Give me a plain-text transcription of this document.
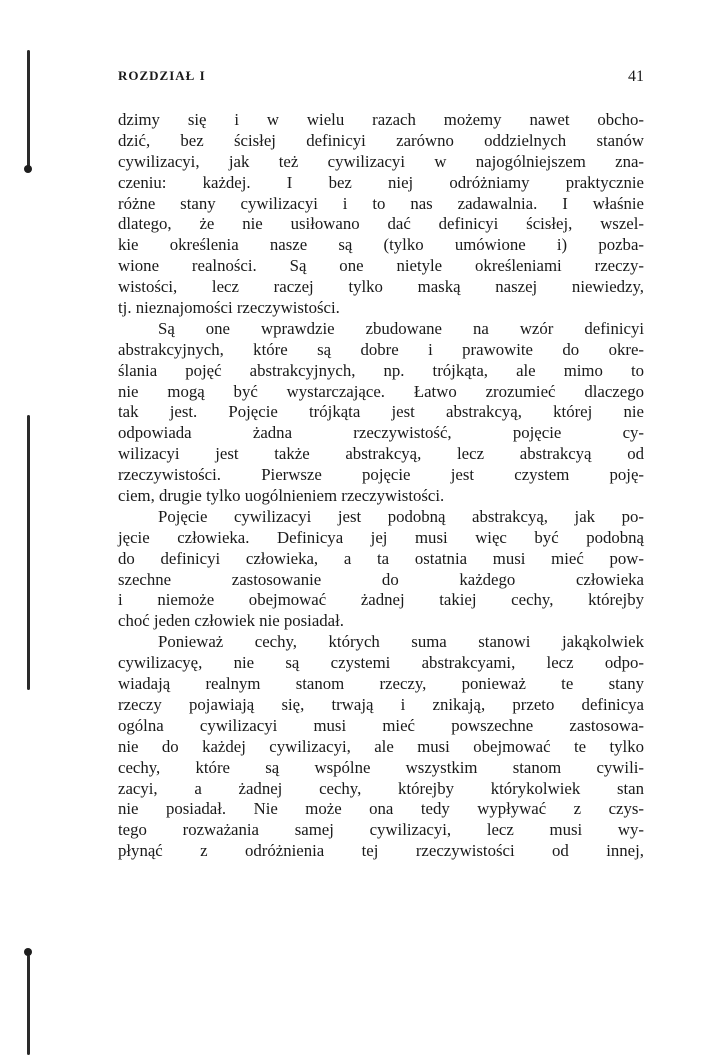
ROZDZIAŁ I	41
dzimy się i w wielu razach możemy nawet obcho-
dzić, bez ścisłej definicyi zarówno oddzielnych stanów
cywilizacyi, jak też cywilizacyi w najogólniejszem zna-
czeniu: każdej. I bez niej odróżniamy praktycznie
różne stany cywilizacyi i to nas zadawalnia. I właśnie
dlatego, że nie usiłowano dać definicyi ścisłej, wszel-
kie określenia nasze są (tylko umówione i) pozba-
wione realności. Są one nietyle określeniami rzeczy-
wistości, lecz raczej tylko maską naszej niewiedzy,
tj. nieznajomości rzeczywistości.
Są one wprawdzie zbudowane na wzór definicyi
abstrakcyjnych, które są dobre i prawowite do okre-
ślania pojęć abstrakcyjnych, np. trójkąta, ale mimo to
nie mogą być wystarczające. Łatwo zrozumieć dlaczego
tak jest. Pojęcie trójkąta jest abstrakcyą, której nie
odpowiada żadna rzeczywistość, pojęcie cy-
wilizacyi jest także abstrakcyą, lecz abstrakcyą od
rzeczywistości. Pierwsze pojęcie jest czystem poję-
ciem, drugie tylko uogólnieniem rzeczywistości.
Pojęcie cywilizacyi jest podobną abstrakcyą, jak po-
jęcie człowieka. Definicya jej musi więc być podobną
do definicyi człowieka, a ta ostatnia musi mieć pow-
szechne zastosowanie do każdego człowieka
i niemoże obejmować żadnej takiej cechy, którejby
choć jeden człowiek nie posiadał.
Ponieważ cechy, których suma stanowi jakąkolwiek
cywilizacyę, nie są czystemi abstrakcyami, lecz odpo-
wiadają realnym stanom rzeczy, ponieważ te stany
rzeczy pojawiają się, trwają i znikają, przeto definicya
ogólna cywilizacyi musi mieć powszechne zastosowa-
nie do każdej cywilizacyi, ale musi obejmować te tylko
cechy, które są wspólne wszystkim stanom cywili-
zacyi, a żadnej cechy, którejby którykolwiek stan
nie posiadał. Nie może ona tedy wypływać z czys-
tego rozważania samej cywilizacyi, lecz musi wy-
płynąć z odróżnienia tej rzeczywistości od innej,
